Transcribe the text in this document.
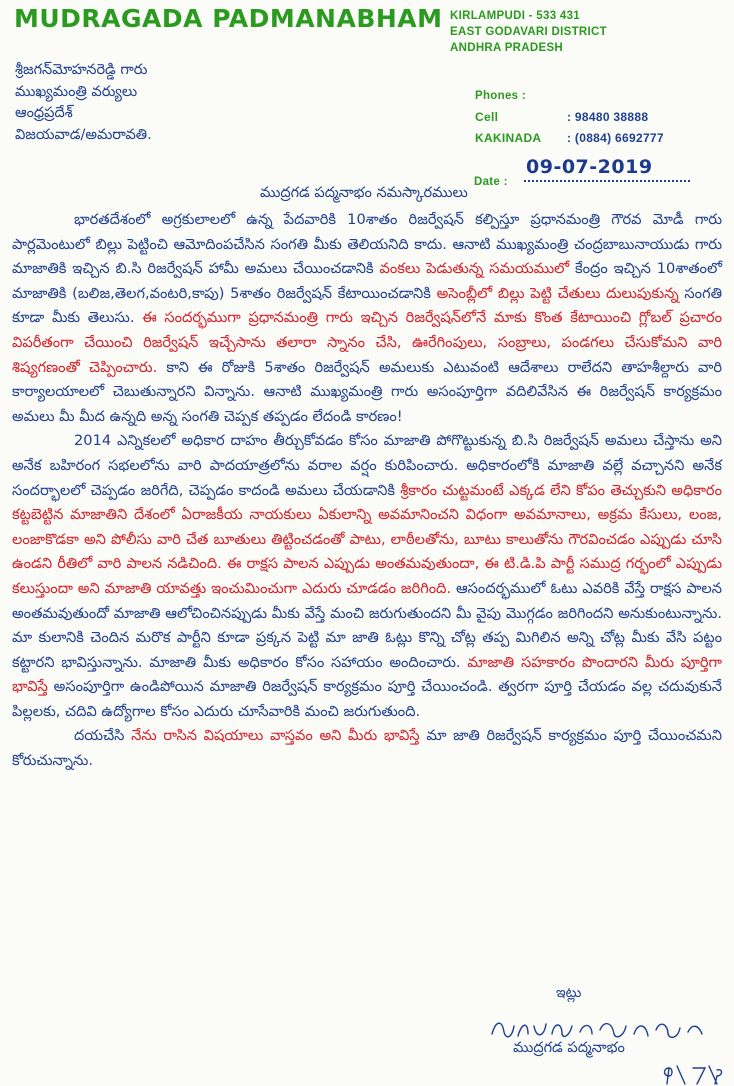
MUDRAGADA PADMANABHAM KIRLAMPUDI - 533 431
EAST GODAVARI DISTRICT
ANDHRA PRADESH
Phones :
Cell	: 98480 38888
KAKINADA : (0884) 6692777
Date :
09-07-2019
శ్రీజగన్‌మోహనరెడ్డి గారు
ముఖ్యమంత్రి వర్యులు
ఆంధ్రప్రదేశ్
విజయవాడ/అమరావతి.
ముద్రగడ పద్మనాభం నమస్కారములు

భారతదేశంలో అగ్రకులాలలో ఉన్న పేదవారికి 10శాతం రిజర్వేషన్ కల్పిస్తూ ప్రధానమంత్రి గౌరవ మోడీ గారు పార్లమెంటులో బిల్లు పెట్టించి ఆమోదింపచేసిన సంగతి మీకు తెలియనిది కాదు. ఆనాటి ముఖ్యమంత్రి చంద్రబాబునాయుడు గారు మాజాతికి ఇచ్చిన బి.సి రిజర్వేషన్ హామీ అమలు చేయించడానికి వంకలు పెడుతున్న సమయములో కేంద్రం ఇచ్చిన 10శాతంలో మాజాతికి (బలిజ,తెలగ,వంటరి,కాపు) 5శాతం రిజర్వేషన్ కేటాయించడానికి అసెంబ్లీలో బిల్లు పెట్టి చేతులు దులుపుకున్న సంగతి కూడా మీకు తెలుసు. ఈ సందర్భముగా ప్రధానమంత్రి గారు ఇచ్చిన రిజర్వేషన్‌లోనే మాకు కొంత కేటాయించి గ్లోబల్ ప్రచారం విపరీతంగా చేయించి రిజర్వేషన్ ఇచ్చేసాను తలారా స్నానం చేసి, ఊరేగింపులు, సంబ్రాలు, పండగలు చేసుకోమని వారి శిష్యగణంతో చెప్పించారు. కాని ఈ రోజుకి 5శాతం రిజర్వేషన్ అమలుకు ఎటువంటి ఆదేశాలు రాలేదని తాహశీల్దారు వారి కార్యాలయాలలో చెబుతున్నారని విన్నాను. ఆనాటి ముఖ్యమంత్రి గారు అసంపూర్తిగా వదిలివేసిన ఈ రిజర్వేషన్ కార్యక్రమం అమలు మీ మీద ఉన్నది అన్న సంగతి చెప్పక తప్పడం లేదండి కారణం!

2014 ఎన్నికలలో అధికార దాహం తీర్చుకోవడం కోసం మాజాతి పోగొట్టుకున్న బి.సి రిజర్వేషన్ అమలు చేస్తాను అని అనేక బహిరంగ సభలలోను వారి పాదయాత్రలోను వరాల వర్షం కురిపించారు. అధికారంలోకి మాజాతి వల్లే వచ్చానని అనేక సందర్భాలలో చెప్పడం జరిగేది, చెప్పడం కాదండి అమలు చేయడానికి శ్రీకారం చుట్టమంటే ఎక్కడ లేని కోపం తెచ్చుకుని అధికారం కట్టబెట్టిన మాజాతిని దేశంలో ఏరాజకీయ నాయకులు ఏకులాన్ని అవమానించని విధంగా అవమానాలు, అక్రమ కేసులు, లంజ, లంజాకొడకా అని పోలీసు వారి చేత బూతులు తిట్టించడంతో పాటు, లాఠీలతోను, బూటు కాలుతోను గౌరవించడం ఎప్పుడు చూసి ఉండని రీతిలో వారి పాలన నడిచింది. ఈ రాక్షస పాలన ఎప్పుడు అంతమవుతుందా, ఈ టి.డి.పి పార్టీ సముద్ర గర్భంలో ఎప్పుడు కలుస్తుందా అని మాజాతి యావత్తు ఇంచుమించుగా ఎదురు చూడడం జరిగింది. ఆసందర్భములో ఓటు ఎవరికి వేస్తే రాక్షస పాలన అంతమవుతుందో మాజాతి ఆలోచించినప్పుడు మీకు వేస్తే మంచి జరుగుతుందని మీ వైపు మొగ్గడం జరిగిందని అనుకుంటున్నాను. మా కులానికి చెందిన మరొక పార్టీని కూడా ప్రక్కన పెట్టి మా జాతి ఓట్లు కొన్ని చోట్ల తప్ప మిగిలిన అన్ని చోట్ల మీకు వేసి పట్టం కట్టారని భావిస్తున్నాను. మాజాతి మీకు అధికారం కోసం సహాయం అందించారు. మాజాతి సహకారం పొందారని మీరు పూర్తిగా భావిస్తే అసంపూర్తిగా ఉండిపోయిన మాజాతి రిజర్వేషన్ కార్యక్రమం పూర్తి చేయించండి. త్వరగా పూర్తి చేయడం వల్ల చదువుకునే పిల్లలకు, చదివి ఉద్యోగాల కోసం ఎదురు చూసేవారికి మంచి జరుగుతుంది.

దయచేసి నేను రాసిన విషయాలు వాస్తవం అని మీరు భావిస్తే మా జాతి రిజర్వేషన్ కార్యక్రమం పూర్తి చేయించమని కోరుచున్నాను.

ఇట్లు
ముద్రగడ పద్మనాభం
